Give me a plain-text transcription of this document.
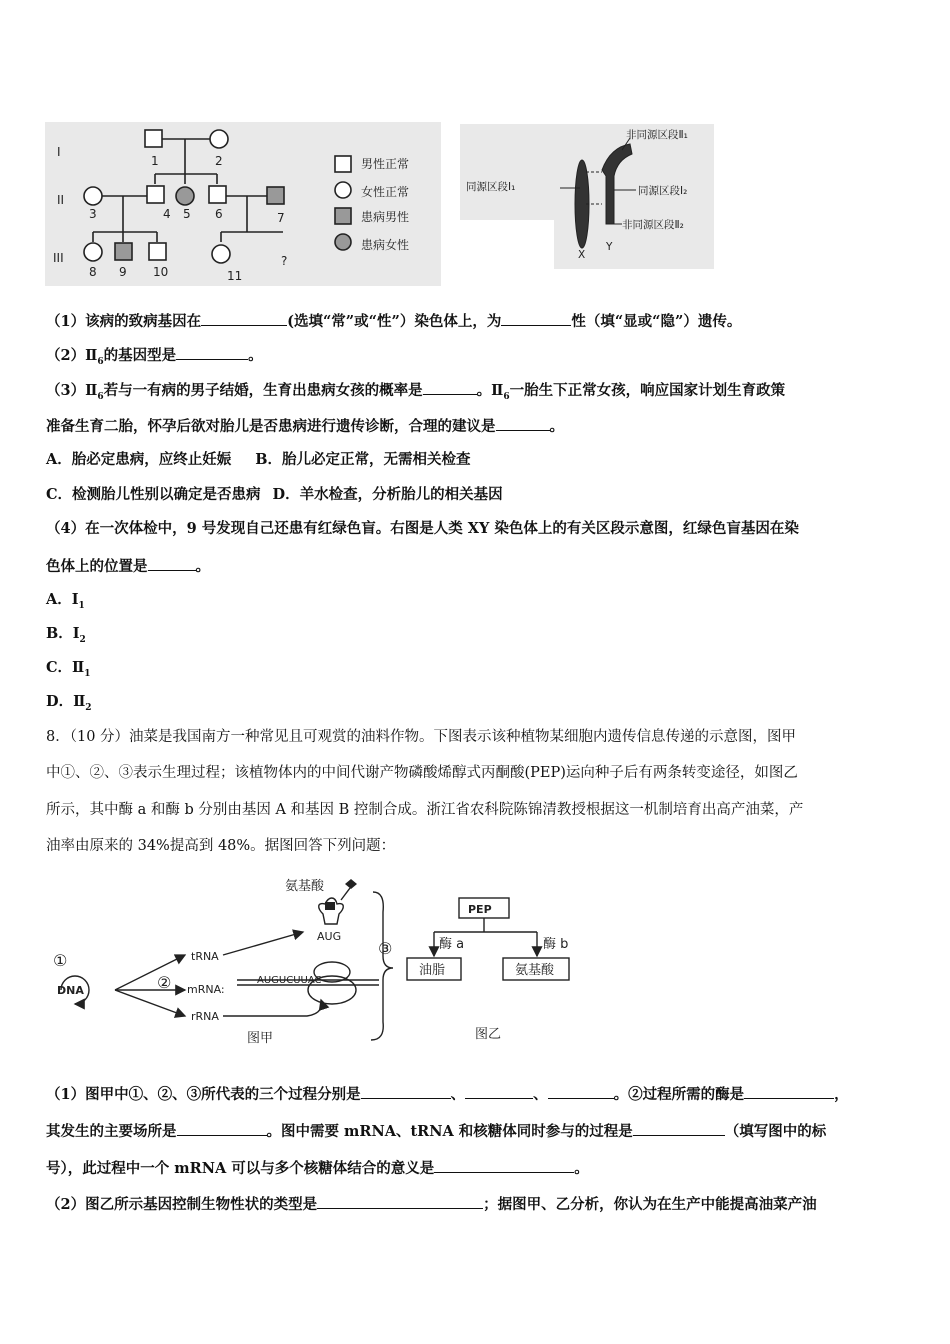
I
II
III
1	2
3	4 5 6	7
8 9 10	11
?
男性正常
女性正常
患病男性
患病女性
非同源区段Ⅱ₁
同源区段Ⅰ₁	同源区段Ⅰ₂
非同源区段Ⅱ₂
X
Y
（1）该病的致病基因在	(选填“常”或“性”）染色体上，为	性（填“显或“隐”）遗传。
$(2)Ⅱ_6$的基因型是	。
$(3)Ⅱ_6$若与一有病的男子结婚，生育出患病女孩的概率是	。$Ⅱ_6$一胎生下正常女孩，响应国家计划生育政策
准备生育二胎，怀孕后欲对胎儿是否患病进行遗传诊断，合理的建议是	。
A．胎必定患病，应终止妊娠 B．胎儿必定正常，无需相关检查
C．检测胎儿性别以确定是否患病 D．羊水检查，分析胎儿的相关基因
（4）在一次体检中，9 号发现自己还患有红绿色盲。右图是人类 XY 染色体上的有关区段示意图，红绿色盲基因在染
色体上的位置是	。
A．$I_1$
B．$I_2$
C．$Ⅱ_1$
D．$Ⅱ_2$
8．（10 分）油菜是我国南方一种常见且可观赏的油料作物。下图表示该种植物某细胞内遗传信息传递的示意图，图甲
中①、②、③表示生理过程；该植物体内的中间代谢产物磷酸烯醇式丙酮酸(PEP)运向种子后有两条转变途径，如图乙
所示，其中酶 a 和酶 b 分别由基因 A 和基因 B 控制合成。浙江省农科院陈锦清教授根据这一机制培育出高产油菜，产
油率由原来的 34%提高到 48%。据图回答下列问题：
氨基酸
AUG
tRNA
mRNA:
rRNA
DNA
AUGUCUUAC
①
②
③
图甲
PEP
酶 a	酶 b
油脂	氨基酸
图乙
（1）图甲中①、②、③所代表的三个过程分别是	、	、	。②过程所需的酶是	，
其发生的主要场所是	。图中需要 mRNA、tRNA 和核糖体同时参与的过程是	（填写图中的标
号），此过程中一个 mRNA 可以与多个核糖体结合的意义是	。
（2）图乙所示基因控制生物性状的类型是	；据图甲、乙分析，你认为在生产中能提高油菜产油
